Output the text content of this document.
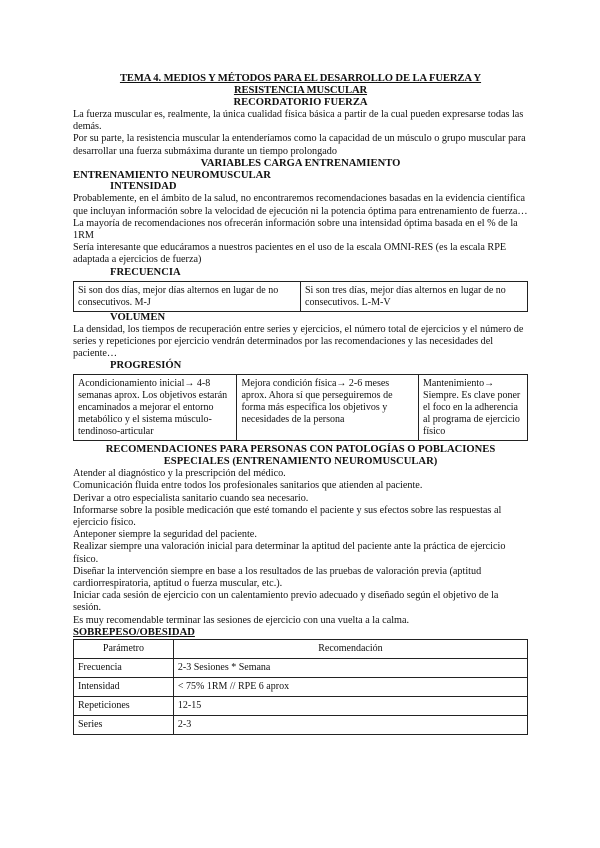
TEMA 4. MEDIOS Y MÉTODOS PARA EL DESARROLLO DE LA FUERZA Y
RESISTENCIA MUSCULAR

RECORDATORIO FUERZA

La fuerza muscular es, realmente, la única cualidad física básica a partir de la cual pueden expresarse todas las demás.

Por su parte, la resistencia muscular la entenderíamos como la capacidad de un músculo o grupo muscular para desarrollar una fuerza submáxima durante un tiempo prolongado

VARIABLES CARGA ENTRENAMIENTO

ENTRENAMIENTO NEUROMUSCULAR

INTENSIDAD

Probablemente, en el ámbito de la salud, no encontraremos recomendaciones basadas en la evidencia científica que incluyan información sobre la velocidad de ejecución ni la potencia óptima para entrenamiento de fuerza…

La mayoría de recomendaciones nos ofrecerán información sobre una intensidad óptima basada en el % de la 1RM

Sería interesante que educáramos a nuestros pacientes en el uso de la escala OMNI-RES (es la escala RPE adaptada a ejercicios de fuerza)

FRECUENCIA

Si son dos días, mejor días alternos en lugar de no consecutivos. M-J	Si son tres días, mejor días alternos en lugar de no consecutivos. L-M-V

VOLUMEN

La densidad, los tiempos de recuperación entre series y ejercicios, el número total de ejercicios y el número de series y repeticiones por ejercicio vendrán determinados por las recomendaciones y las necesidades del paciente…

PROGRESIÓN

Acondicionamiento inicial→ 4-8 semanas aprox. Los objetivos estarán encaminados a mejorar el entorno metabólico y el sistema músculo-tendinoso-articular	Mejora condición física→ 2-6 meses aprox. Ahora sí que perseguiremos de forma más específica los objetivos y necesidades de la persona	Mantenimiento→ Siempre. Es clave poner el foco en la adherencia al programa de ejercicio físico

RECOMENDACIONES PARA PERSONAS CON PATOLOGÍAS O POBLACIONES
ESPECIALES (ENTRENAMIENTO NEUROMUSCULAR)

Atender al diagnóstico y la prescripción del médico.

Comunicación fluida entre todos los profesionales sanitarios que atienden al paciente.

Derivar a otro especialista sanitario cuando sea necesario.

Informarse sobre la posible medicación que esté tomando el paciente y sus efectos sobre las respuestas al ejercicio físico.

Anteponer siempre la seguridad del paciente.

Realizar siempre una valoración inicial para determinar la aptitud del paciente ante la práctica de ejercicio físico.

Diseñar la intervención siempre en base a los resultados de las pruebas de valoración previa (aptitud cardiorrespiratoria, aptitud o fuerza muscular, etc.).

Iniciar cada sesión de ejercicio con un calentamiento previo adecuado y diseñado según el objetivo de la sesión.

Es muy recomendable terminar las sesiones de ejercicio con una vuelta a la calma.

SOBREPESO/OBESIDAD

Parámetro	Recomendación
Frecuencia	2-3 Sesiones * Semana
Intensidad	< 75% 1RM // RPE 6 aprox
Repeticiones	12-15
Series	2-3
